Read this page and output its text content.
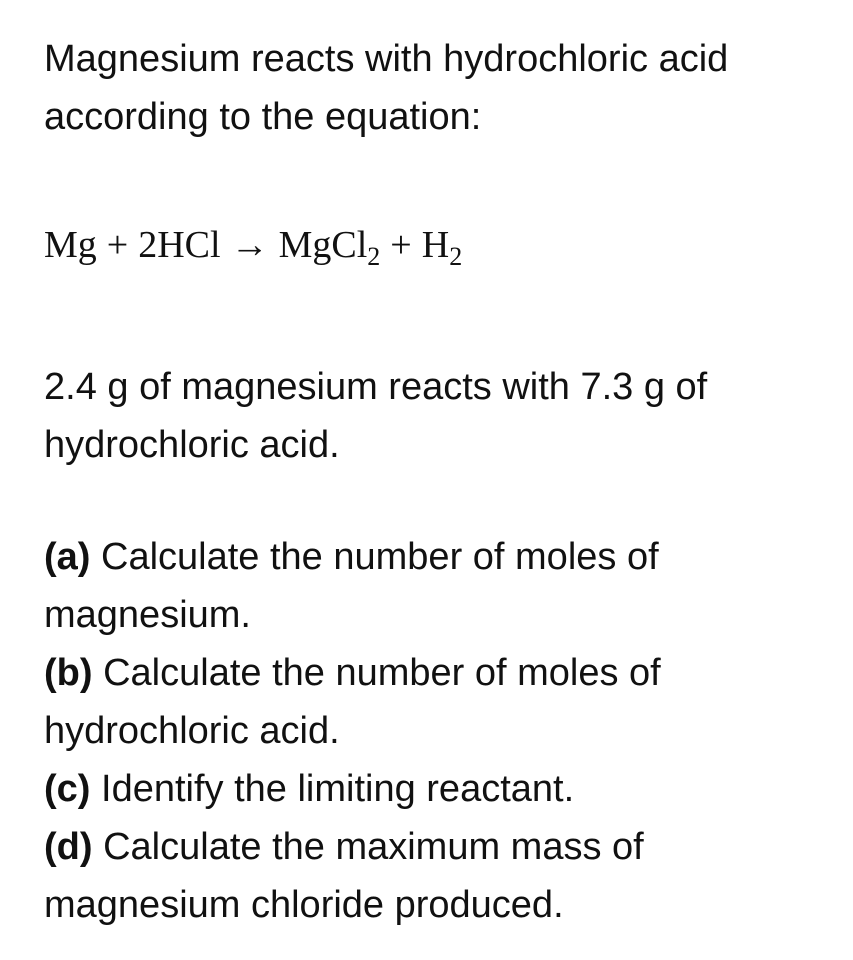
Magnesium reacts with hydrochloric acid
according to the equation:

Mg + 2HCl → MgCl$_2$ + $H_2$

2.4 g of magnesium reacts with 7.3 g of
hydrochloric acid.

(a) Calculate the number of moles of
magnesium.
(b) Calculate the number of moles of
hydrochloric acid.
(c) Identify the limiting reactant.
(d) Calculate the maximum mass of
magnesium chloride produced.
